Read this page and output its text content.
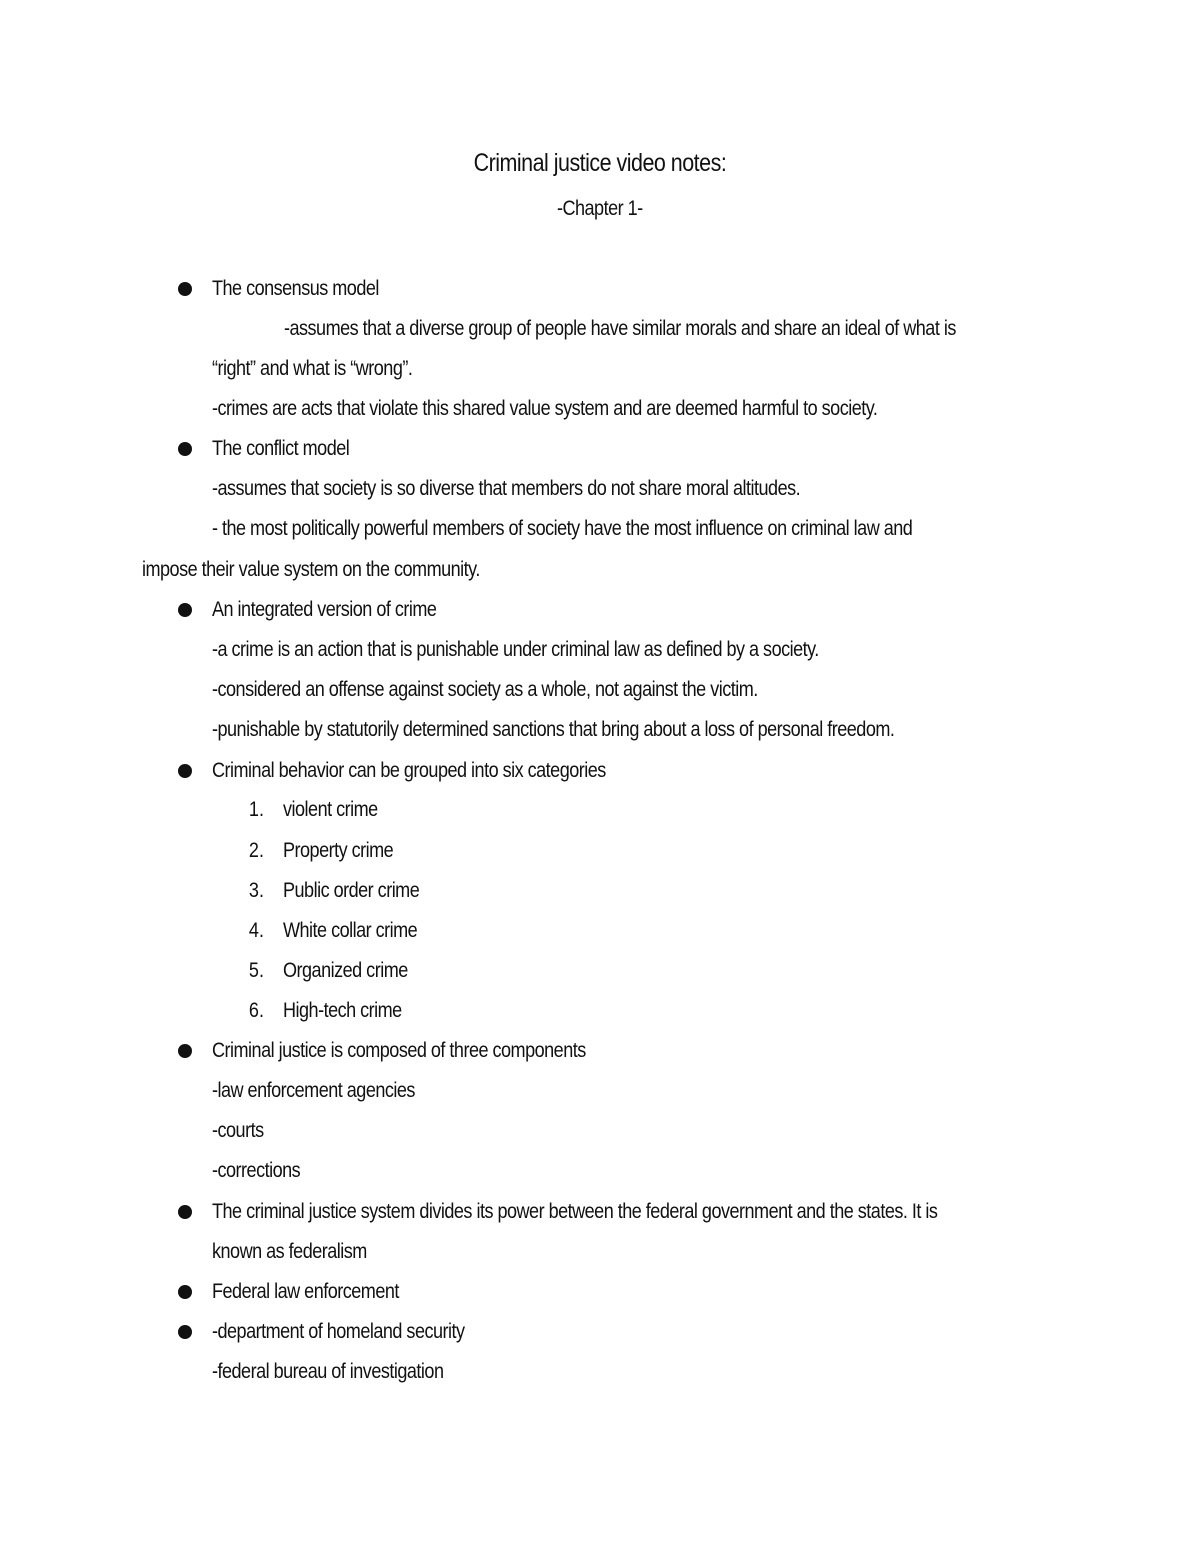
Criminal justice video notes:
-Chapter 1-
The consensus model
-assumes that a diverse group of people have similar morals and share an ideal of what is
“right” and what is “wrong”.
-crimes are acts that violate this shared value system and are deemed harmful to society.
The conflict model
-assumes that society is so diverse that members do not share moral altitudes.
- the most politically powerful members of society have the most influence on criminal law and
impose their value system on the community.
An integrated version of crime
-a crime is an action that is punishable under criminal law as defined by a society.
-considered an offense against society as a whole, not against the victim.
-punishable by statutorily determined sanctions that bring about a loss of personal freedom.
Criminal behavior can be grouped into six categories
1. violent crime
2. Property crime
3. Public order crime
4. White collar crime
5. Organized crime
6. High-tech crime
Criminal justice is composed of three components
-law enforcement agencies
-courts
-corrections
The criminal justice system divides its power between the federal government and the states. It is
known as federalism
Federal law enforcement
-department of homeland security
-federal bureau of investigation
